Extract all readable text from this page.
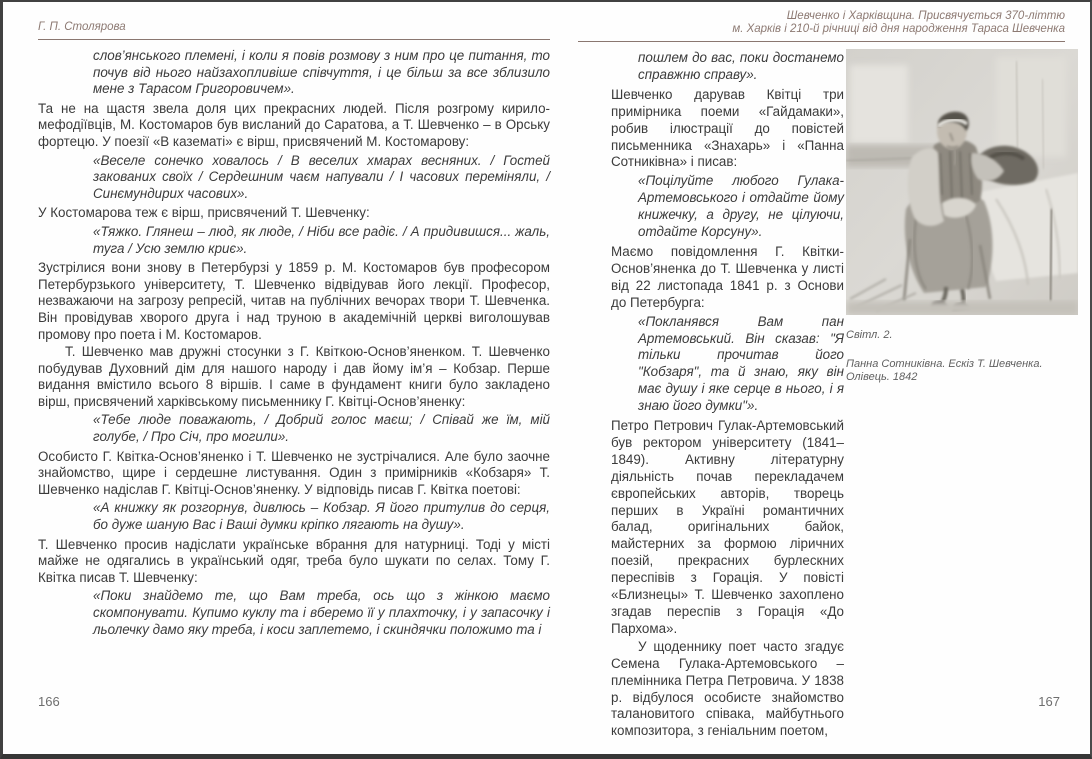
Г. П. Столярова
Шевченко і Харківщина. Присвячується 370-літтю
м. Харків і 210-й річниці від дня народження Тараса Шевченка

слов’янського племені, і коли я повів розмову з ним про це питання, то почув від нього найзахопливіше співчуття, і це більш за все зблизило мене з Тарасом Григоровичем».

Та не на щастя звела доля цих прекрасних людей. Після розгрому кирило-мефодіївців, М. Костомаров був висланий до Саратова, а Т. Шевченко – в Орську фортецю. У поезії «В казематі» є вірш, присвячений М. Костомарову:

«Веселе сонечко ховалось / В веселих хмарах весняних. / Гостей закованих своїх / Сердешним чаєм напували / І часових переміняли, / Синємундирих часових».

У Костомарова теж є вірш, присвячений Т. Шевченку:

«Тяжко. Глянеш – люд, як люде, / Ніби все радіє. / А придивишся... жаль, туга / Усю землю криє».

Зустрілися вони знову в Петербурзі у 1859 р. М. Костомаров був професором Петербурзького університету, Т. Шевченко відвідував його лекції. Професор, незважаючи на загрозу репресій, читав на публічних вечорах твори Т. Шевченка. Він провідував хворого друга і над труною в академічній церкві виголошував промову про поета і М. Костомаров.

Т. Шевченко мав дружні стосунки з Г. Квіткою-Основ’яненком. Т. Шевченко побудував Духовний дім для нашого народу і дав йому ім’я – Кобзар. Перше видання вмістило всього 8 віршів. І саме в фундамент книги було закладено вірш, присвячений харківському письменнику Г. Квітці-Основ’яненку:

«Тебе люде поважають, / Добрий голос маєш; / Співай же їм, мій голубе, / Про Січ, про могили».

Особисто Г. Квітка-Основ’яненко і Т. Шевченко не зустрічалися. Але було заочне знайомство, щире і сердешне листування. Один з примірників «Кобзаря» Т. Шевченко надіслав Г. Квітці-Основ’яненку. У відповідь писав Г. Квітка поетові:

«А книжку як розгорнув, дивлюсь – Кобзар. Я його притулив до серця, бо дуже шаную Вас і Ваші думки кріпко лягають на душу».

Т. Шевченко просив надіслати українське вбрання для натурниці. Тоді у місті майже не одягались в український одяг, треба було шукати по селах. Тому Г. Квітка писав Т. Шевченку:

«Поки знайдемо те, що Вам треба, ось що з жінкою маємо скомпонувати. Купимо куклу та і вберемо її у плахточку, і у запасочку і льолечку дамо яку треба, і коси заплетемо, і скиндячки положимо та і

пошлем до вас, поки достанемо справжню справу».

Шевченко дарував Квітці три примірника поеми «Гайдамаки», робив ілюстрації до повістей письменника «Знахарь» і «Панна Сотниківна» і писав:

«Поцілуйте любого Гулака-Артемовського і отдайте йому книжечку, а другу, не цілуючи, отдайте Корсуну».

Маємо повідомлення Г. Квітки-Основ’яненка до Т. Шевченка у листі від 22 листопада 1841 р. з Основи до Петербурга:

«Покланявся Вам пан Артемовський. Він сказав: "Я тільки прочитав його "Кобзаря", та й знаю, яку він має душу і яке серце в нього, і я знаю його думки"».

Петро Петрович Гулак-Артемовський був ректором університету (1841–1849). Активну літературну діяльність почав перекладачем європейських авторів, творець перших в Україні романтичних балад, оригінальних байок, майстерних за формою ліричних поезій, прекрасних бурлескних переспівів з Горація. У повісті «Близнецы» Т. Шевченко захоплено згадав переспів з Горація «До Пархома».

У щоденнику поет часто згадує Семена Гулака-Артемовського – племінника Петра Петровича. У 1838 р. відбулося особисте знайомство талановитого співака, майбутнього композитора, з геніальним поетом,

Світл. 2.
Панна Сотниківна. Ескіз Т. Шевченка.
Олівець. 1842
166	167
